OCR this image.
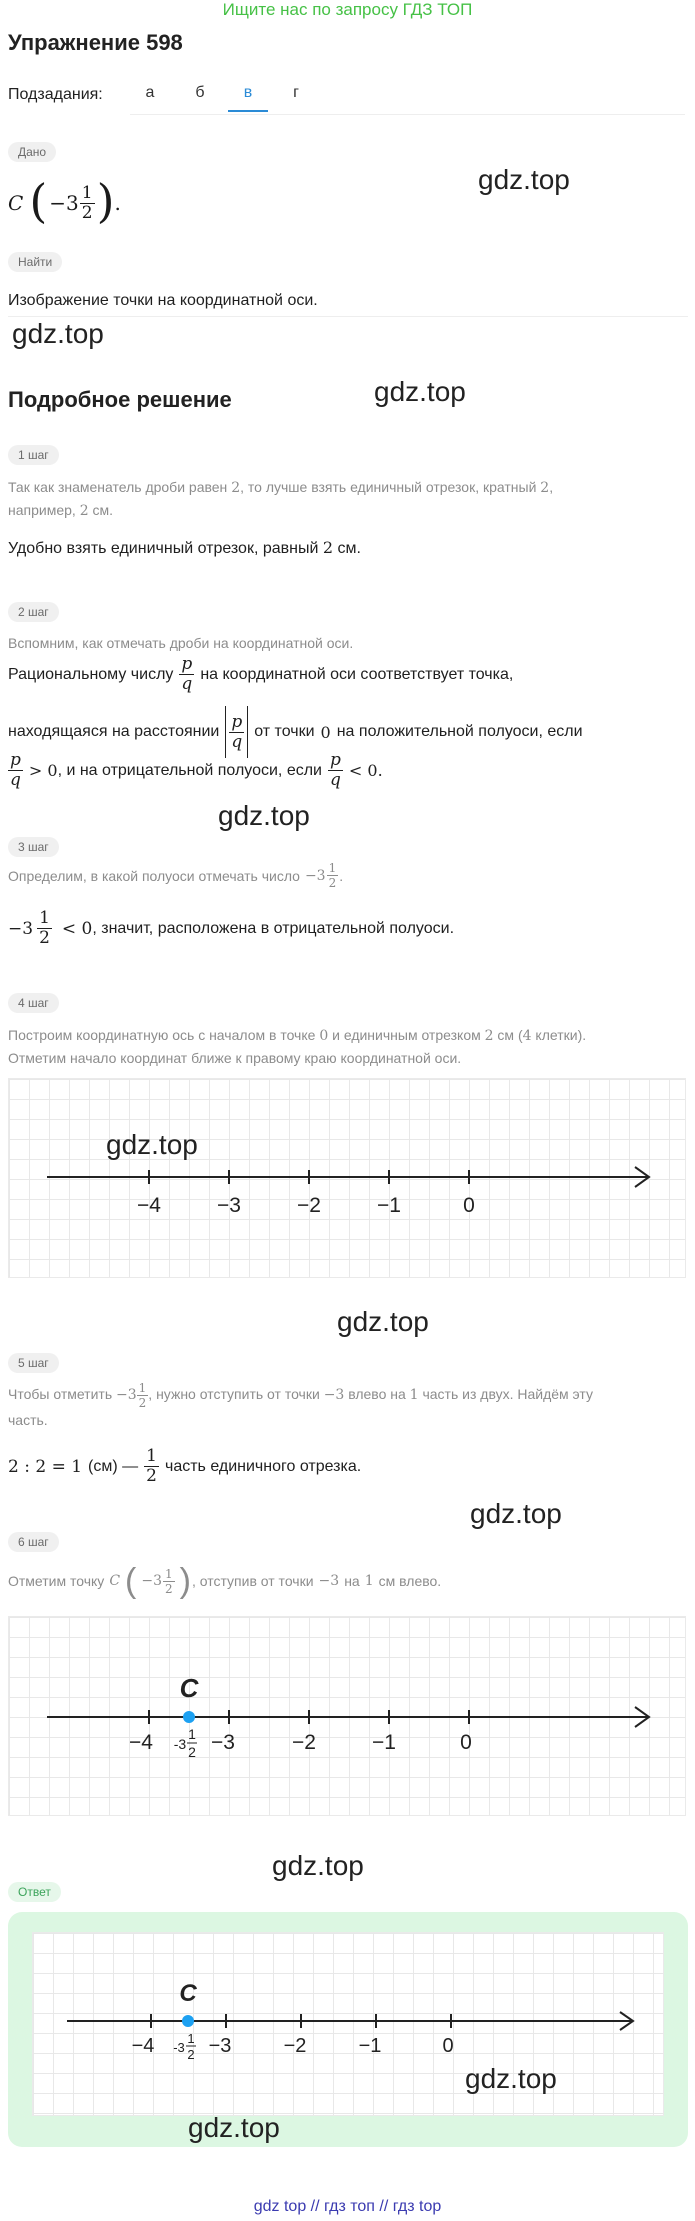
Ищите нас по запросу ГДЗ ТОП
Упражнение 598
Подзадания:	а	б	в	г
Дано
C ( $-3 \frac{1}{2}$ ) .
gdz.top
Найти
Изображение точки на координатной оси.
gdz.top
Подробное решение	gdz.top
1 шаг
Так как знаменатель дроби равен 2, то лучше взять единичный отрезок, кратный 2,
например, 2 см.
Удобно взять единичный отрезок, равный 2 см.
2 шаг
Вспомним, как отмечать дроби на координатной оси.
Рациональному числу $\frac{p}{q}$ на координатной оси соответствует точка,
находящаяся на расстоянии $\frac{p}{q}$ от точки 0 на положительной полуоси, если
$\frac{p}{q} > 0$ , и на отрицательной полуоси, если $\frac{p}{q} < 0$ .
gdz.top
3 шаг
Определим, в какой полуоси отмечать число $-3 \frac{1}{2}$ .
$-3 \frac{1}{2} < 0$ , значит, расположена в отрицательной полуоси.
4 шаг
Построим координатную ось с началом в точке 0 и единичным отрезком 2 см (4 клетки).
Отметим начало координат ближе к правому краю координатной оси.
−4	−3	−2	−1	0
gdz.top
gdz.top
5 шаг
Чтобы отметить $-3 \frac{1}{2}$ , нужно отступить от точки −3 влево на 1 часть из двух. Найдём эту
часть.
2 : 2 = 1 (см) — $\frac{1}{2}$ часть единичного отрезка.
gdz.top
6 шаг
Отметим точку C ( $-3 \frac{1}{2}$ ) , отступив от точки −3 на 1 см влево.
C
−4 -3
1
2 −3	−2	−1	0
gdz.top
Ответ
C
−4 -3
1
2 −3	−2	−1	0
gdz.top
gdz.top
gdz top // гдз топ // гдз top
